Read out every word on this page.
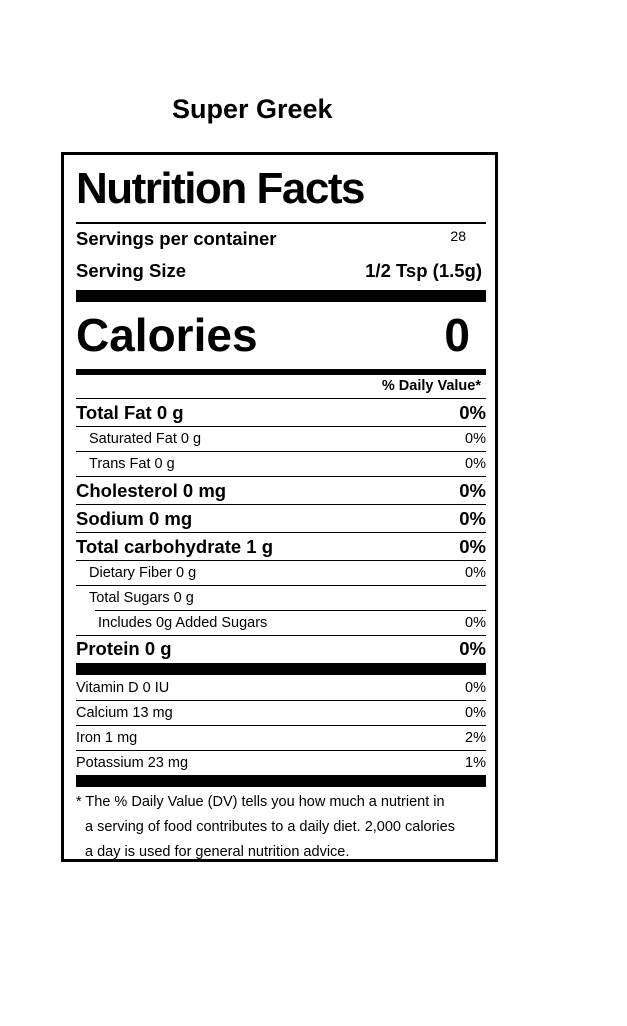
Super Greek
Nutrition Facts
Servings per container	28
Serving Size	1/2 Tsp (1.5g)
Calories	0
% Daily Value*
Total Fat 0 g	0%
Saturated Fat 0 g	0%
Trans Fat 0 g	0%
Cholesterol 0 mg	0%
Sodium 0 mg	0%
Total carbohydrate 1 g	0%
Dietary Fiber 0 g	0%
Total Sugars 0 g
Includes 0g Added Sugars	0%
Protein 0 g	0%
Vitamin D 0 IU	0%
Calcium 13 mg	0%
Iron 1 mg	2%
Potassium 23 mg	1%
* The % Daily Value (DV) tells you how much a nutrient in
a serving of food contributes to a daily diet. 2,000 calories
a day is used for general nutrition advice.
